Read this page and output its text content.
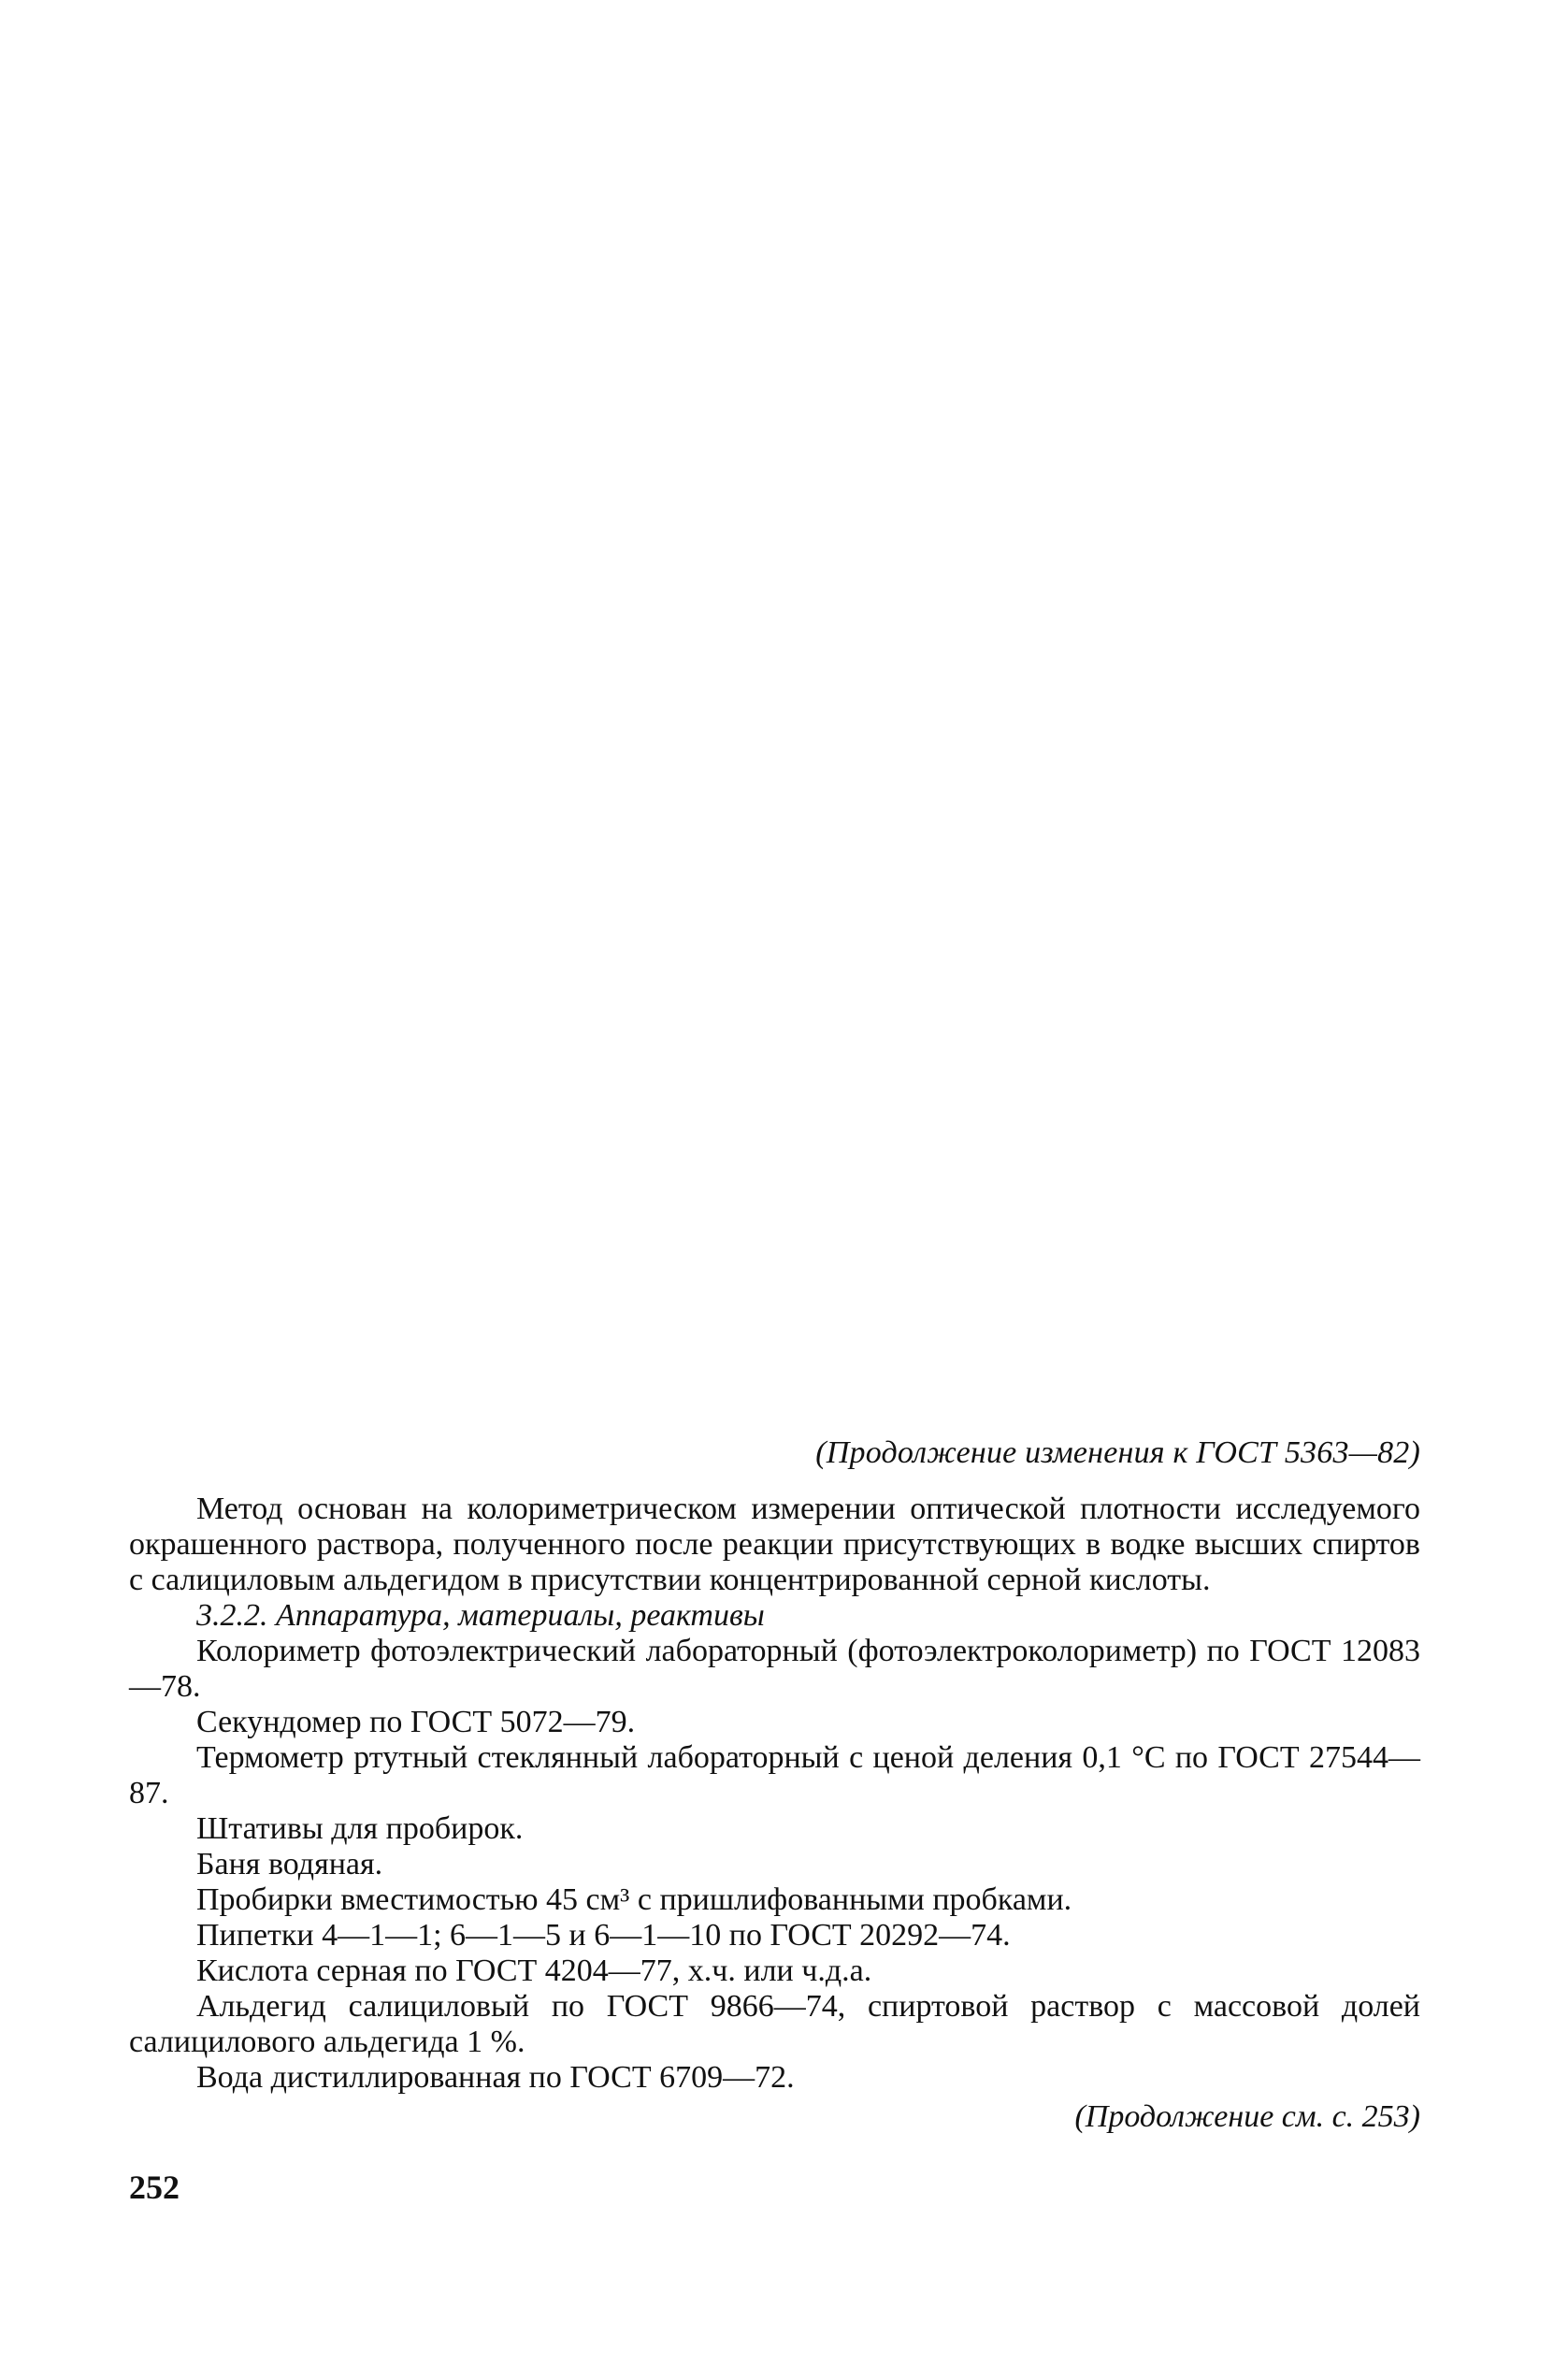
(Продолжение изменения к ГОСТ 5363—82)

Метод основан на колориметрическом измерении оптической плотности исследуемого окрашенного раствора, полученного после реакции присутствующих в водке высших спиртов с салициловым альдегидом в присутствии концентрированной серной кислоты.

3.2.2. Аппаратура, материалы, реактивы

Колориметр фотоэлектрический лабораторный (фотоэлектроколориметр) по ГОСТ 12083—78.

Секундомер по ГОСТ 5072—79.

Термометр ртутный стеклянный лабораторный с ценой деления 0,1 °С по ГОСТ 27544—87.

Штативы для пробирок.

Баня водяная.

Пробирки вместимостью 45 см³ с пришлифованными пробками.

Пипетки 4—1—1; 6—1—5 и 6—1—10 по ГОСТ 20292—74.

Кислота серная по ГОСТ 4204—77, х.ч. или ч.д.а.

Альдегид салициловый по ГОСТ 9866—74, спиртовой раствор с массовой долей салицилового альдегида 1 %.

Вода дистиллированная по ГОСТ 6709—72.

(Продолжение см. с. 253)
252
